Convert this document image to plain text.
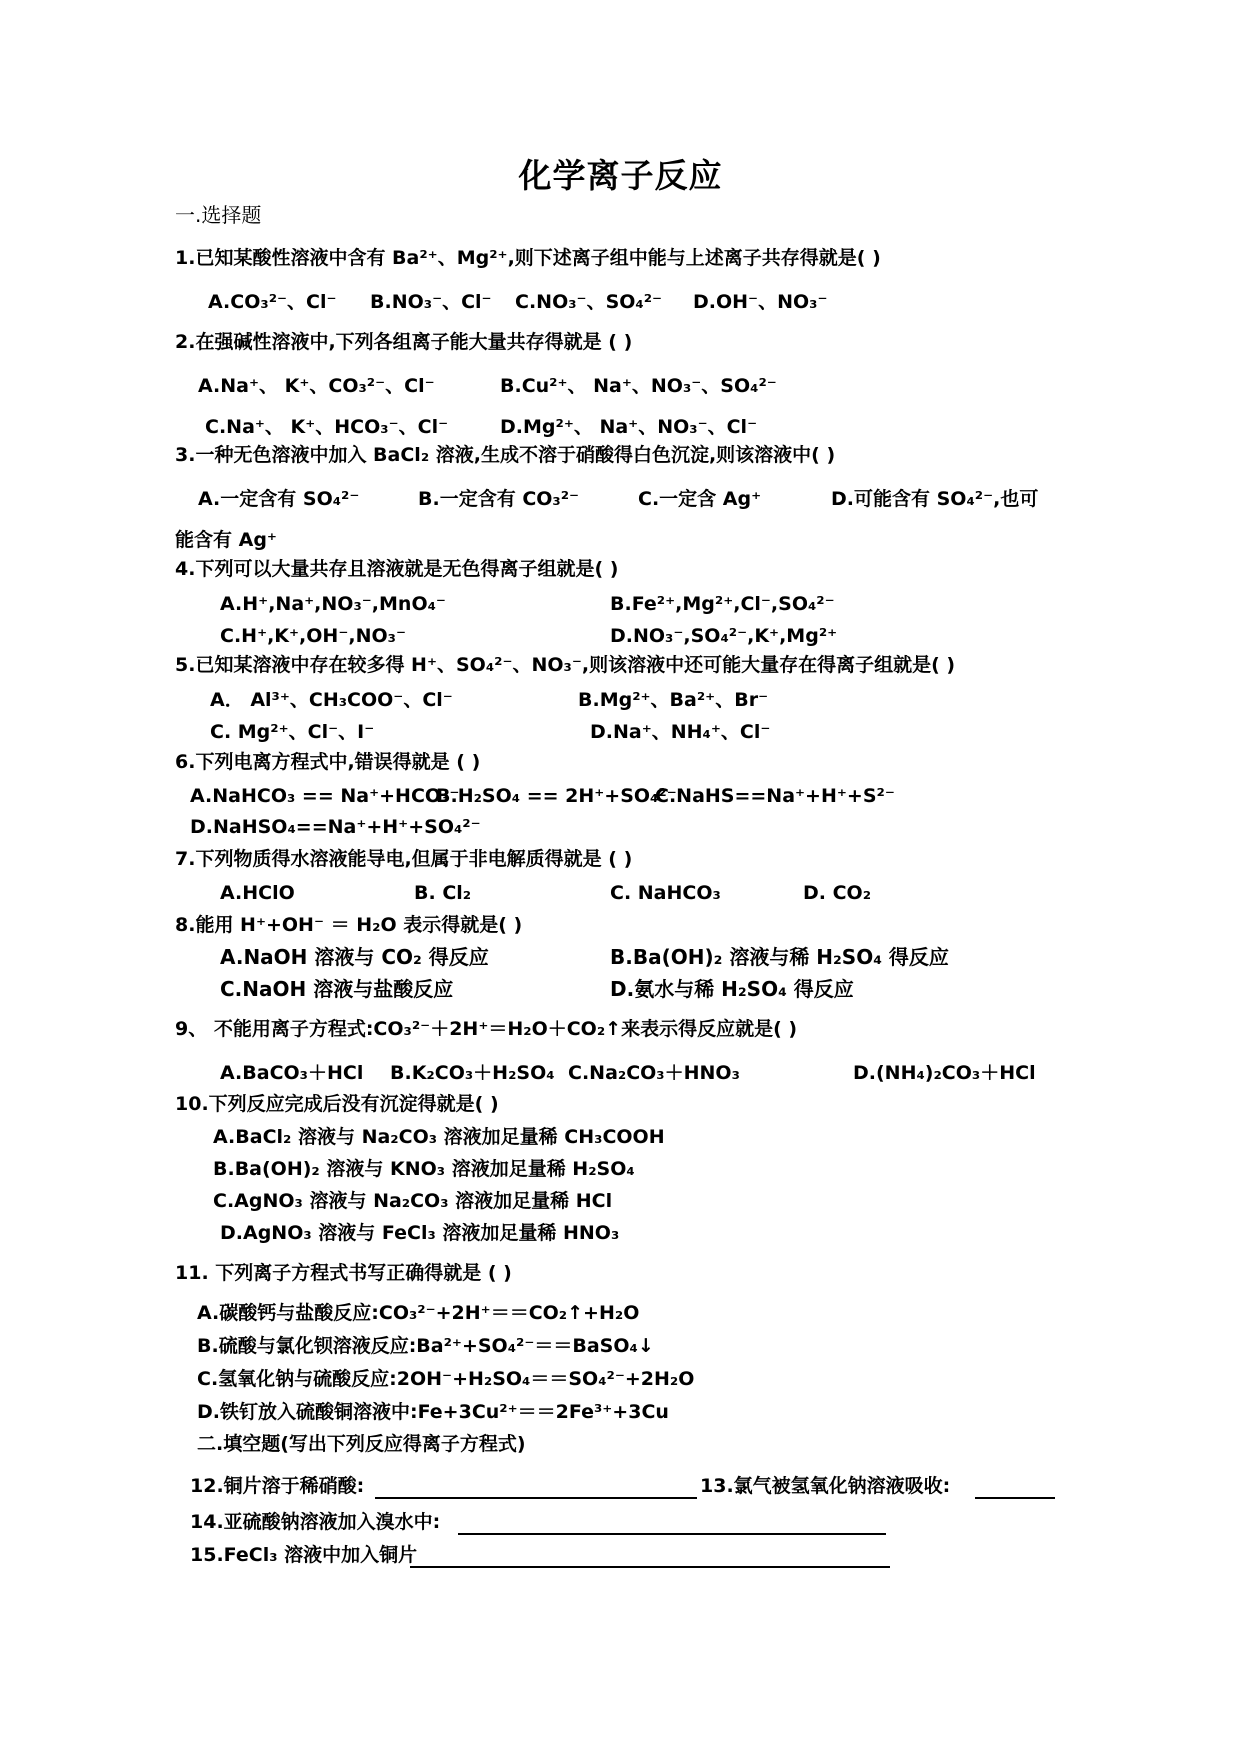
化学离子反应
一.选择题
1.已知某酸性溶液中含有 Ba²⁺、Mg²⁺,则下述离子组中能与上述离子共存得就是( )
A.CO₃²⁻、Cl⁻ B.NO₃⁻、Cl⁻ C.NO₃⁻、SO₄²⁻ D.OH⁻、NO₃⁻
2.在强碱性溶液中,下列各组离子能大量共存得就是 ( )
A.Na⁺、 K⁺、CO₃²⁻、Cl⁻	B.Cu²⁺、 Na⁺、NO₃⁻、SO₄²⁻
C.Na⁺、 K⁺、HCO₃⁻、Cl⁻	D.Mg²⁺、 Na⁺、NO₃⁻、Cl⁻
3.一种无色溶液中加入 BaCl₂ 溶液,生成不溶于硝酸得白色沉淀,则该溶液中( )
A.一定含有 SO₄²⁻	B.一定含有 CO₃²⁻	C.一定含 Ag⁺	D.可能含有 SO₄²⁻,也可
能含有 Ag⁺
4.下列可以大量共存且溶液就是无色得离子组就是( )
A.H⁺,Na⁺,NO₃⁻,MnO₄⁻	B.Fe²⁺,Mg²⁺,Cl⁻,SO₄²⁻
C.H⁺,K⁺,OH⁻,NO₃⁻	D.NO₃⁻,SO₄²⁻,K⁺,Mg²⁺
5.已知某溶液中存在较多得 H⁺、SO₄²⁻、NO₃⁻,则该溶液中还可能大量存在得离子组就是( )
A． Al³⁺、CH₃COO⁻、Cl⁻	B.Mg²⁺、Ba²⁺、Br⁻
C. Mg²⁺、Cl⁻、I⁻	D.Na⁺、NH₄⁺、Cl⁻
6.下列电离方程式中,错误得就是 ( )
A.NaHCO₃ == Na⁺+HCO₃⁻
B.H₂SO₄ == 2H⁺+SO₄²⁻
C.NaHS==Na⁺+H⁺+S²⁻
D.NaHSO₄==Na⁺+H⁺+SO₄²⁻
7.下列物质得水溶液能导电,但属于非电解质得就是 ( )
A.HClO	B. Cl₂	C. NaHCO₃	D. CO₂
8.能用 H⁺+OH⁻ ＝ H₂O 表示得就是( )
A.NaOH 溶液与 CO₂ 得反应	B.Ba(OH)₂ 溶液与稀 H₂SO₄ 得反应
C.NaOH 溶液与盐酸反应	D.氨水与稀 H₂SO₄ 得反应
9、 不能用离子方程式:CO₃²⁻＋2H⁺＝H₂O＋CO₂↑来表示得反应就是( )
A.BaCO₃＋HCl B.K₂CO₃＋H₂SO₄ C.Na₂CO₃＋HNO₃	D.(NH₄)₂CO₃＋HCl
10.下列反应完成后没有沉淀得就是( )
A.BaCl₂ 溶液与 Na₂CO₃ 溶液加足量稀 CH₃COOH
B.Ba(OH)₂ 溶液与 KNO₃ 溶液加足量稀 H₂SO₄
C.AgNO₃ 溶液与 Na₂CO₃ 溶液加足量稀 HCl
D.AgNO₃ 溶液与 FeCl₃ 溶液加足量稀 HNO₃
11. 下列离子方程式书写正确得就是 ( )
A.碳酸钙与盐酸反应:CO₃²⁻+2H⁺＝＝CO₂↑+H₂O
B.硫酸与氯化钡溶液反应:Ba²⁺+SO₄²⁻＝＝BaSO₄↓
C.氢氧化钠与硫酸反应:2OH⁻+H₂SO₄＝＝SO₄²⁻+2H₂O
D.铁钉放入硫酸铜溶液中:Fe+3Cu²⁺＝＝2Fe³⁺+3Cu
二.填空题(写出下列反应得离子方程式)
12.铜片溶于稀硝酸:	13.氯气被氢氧化钠溶液吸收:
14.亚硫酸钠溶液加入溴水中:
15.FeCl₃ 溶液中加入铜片
